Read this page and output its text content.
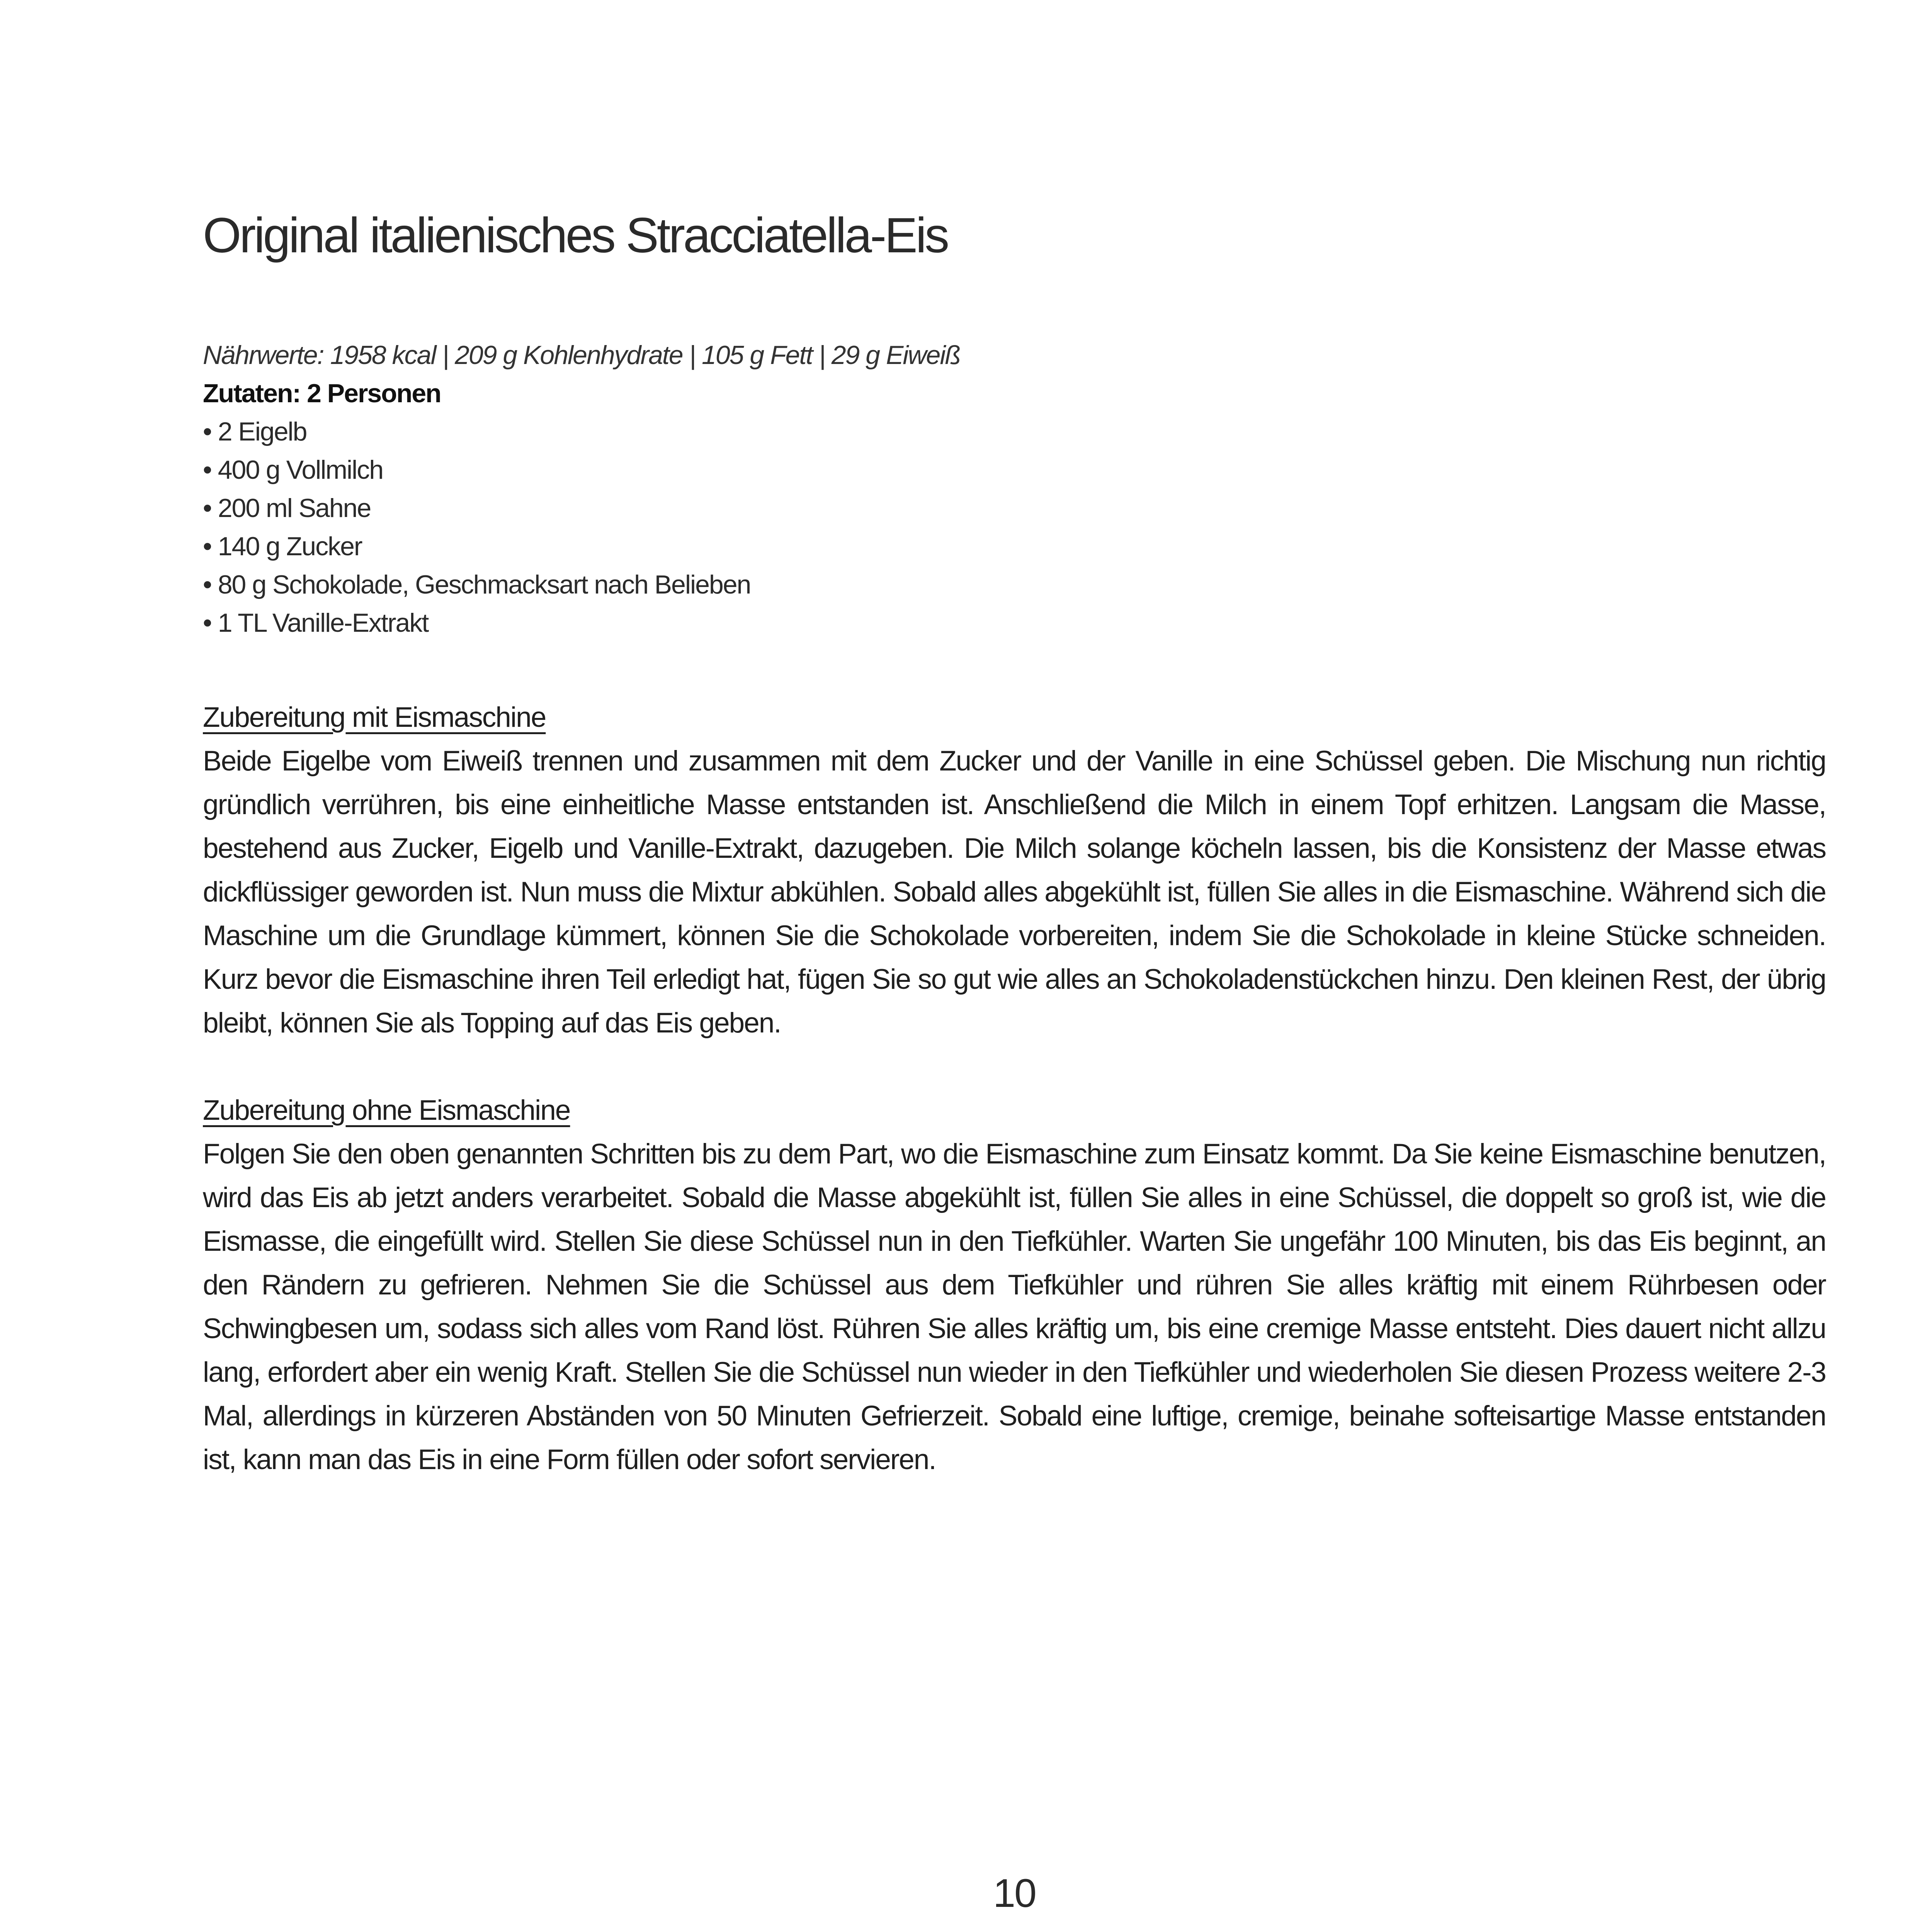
Original italienisches Stracciatella-Eis
Nährwerte: 1958 kcal | 209 g Kohlenhydrate | 105 g Fett | 29 g Eiweiß
Zutaten: 2 Personen
• 2 Eigelb
• 400 g Vollmilch
• 200 ml Sahne
• 140 g Zucker
• 80 g Schokolade, Geschmacksart nach Belieben
• 1 TL Vanille-Extrakt
Zubereitung mit Eismaschine

Beide Eigelbe vom Eiweiß trennen und zusammen mit dem Zucker und der Vanille in eine Schüssel geben. Die Mischung nun richtig gründlich verrühren, bis eine einheitliche Masse entstanden ist. Anschließend die Milch in einem Topf erhitzen. Langsam die Masse, bestehend aus Zucker, Eigelb und Vanille-Extrakt, dazugeben. Die Milch solange köcheln lassen, bis die Konsistenz der Masse etwas dickflüssiger geworden ist. Nun muss die Mixtur abkühlen. Sobald alles abgekühlt ist, füllen Sie alles in die Eismaschine. Während sich die Maschine um die Grundlage kümmert, können Sie die Schokolade vorbereiten, indem Sie die Schokolade in kleine Stücke schneiden. Kurz bevor die Eismaschine ihren Teil erledigt hat, fügen Sie so gut wie alles an Schokoladenstückchen hinzu. Den kleinen Rest, der übrig bleibt, können Sie als Topping auf das Eis geben.

Zubereitung ohne Eismaschine

Folgen Sie den oben genannten Schritten bis zu dem Part, wo die Eismaschine zum Einsatz kommt. Da Sie keine Eismaschine benutzen, wird das Eis ab jetzt anders verarbeitet. Sobald die Masse abgekühlt ist, füllen Sie alles in eine Schüssel, die doppelt so groß ist, wie die Eismasse, die eingefüllt wird. Stellen Sie diese Schüssel nun in den Tiefkühler. Warten Sie ungefähr 100 Minuten, bis das Eis beginnt, an den Rändern zu gefrieren. Nehmen Sie die Schüssel aus dem Tiefkühler und rühren Sie alles kräftig mit einem Rührbesen oder Schwingbesen um, sodass sich alles vom Rand löst. Rühren Sie alles kräftig um, bis eine cremige Masse entsteht. Dies dauert nicht allzu lang, erfordert aber ein wenig Kraft. Stellen Sie die Schüssel nun wieder in den Tiefkühler und wiederholen Sie diesen Prozess weitere 2-3 Mal, allerdings in kürzeren Abständen von 50 Minuten Gefrierzeit. Sobald eine luftige, cremige, beinahe softeisartige Masse entstanden ist, kann man das Eis in eine Form füllen oder sofort servieren.

10
